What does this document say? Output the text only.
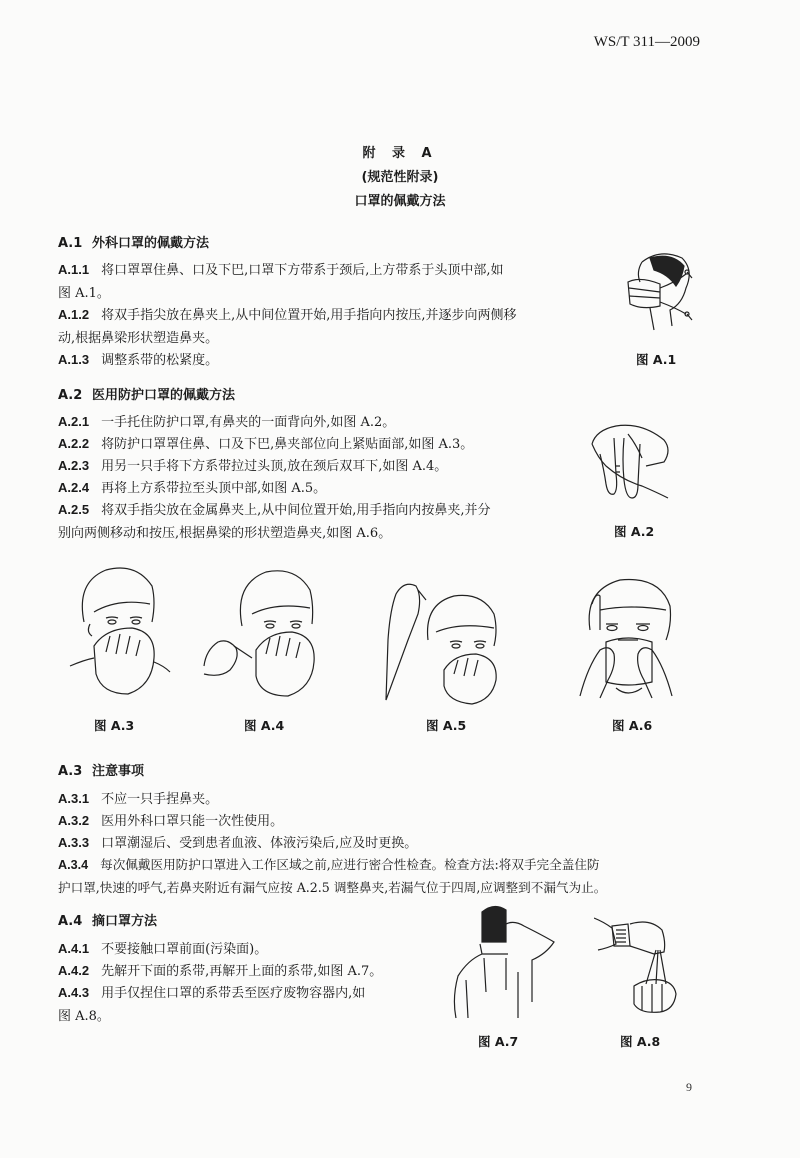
WS/T 311—2009
附 录 A
(规范性附录)
口罩的佩戴方法
A.1 外科口罩的佩戴方法
A.1.1 将口罩罩住鼻、口及下巴,口罩下方带系于颈后,上方带系于头顶中部,如
图 A.1。
A.1.2 将双手指尖放在鼻夹上,从中间位置开始,用手指向内按压,并逐步向两侧移
动,根据鼻梁形状塑造鼻夹。
A.1.3 调整系带的松紧度。	图 A.1
A.2 医用防护口罩的佩戴方法
A.2.1 一手托住防护口罩,有鼻夹的一面背向外,如图 A.2。
A.2.2 将防护口罩罩住鼻、口及下巴,鼻夹部位向上紧贴面部,如图 A.3。
A.2.3 用另一只手将下方系带拉过头顶,放在颈后双耳下,如图 A.4。
A.2.4 再将上方系带拉至头顶中部,如图 A.5。
A.2.5 将双手指尖放在金属鼻夹上,从中间位置开始,用手指向内按鼻夹,并分
别向两侧移动和按压,根据鼻梁的形状塑造鼻夹,如图 A.6。	图 A.2
图 A.3	图 A.4	图 A.5	图 A.6
A.3 注意事项
A.3.1 不应一只手捏鼻夹。
A.3.2 医用外科口罩只能一次性使用。
A.3.3 口罩潮湿后、受到患者血液、体液污染后,应及时更换。
A.3.4 每次佩戴医用防护口罩进入工作区域之前,应进行密合性检查。检查方法:将双手完全盖住防
护口罩,快速的呼气,若鼻夹附近有漏气应按 A.2.5 调整鼻夹,若漏气位于四周,应调整到不漏气为止。
A.4 摘口罩方法
A.4.1 不要接触口罩前面(污染面)。
A.4.2 先解开下面的系带,再解开上面的系带,如图 A.7。
A.4.3 用手仅捏住口罩的系带丢至医疗废物容器内,如
图 A.8。
图 A.7	图 A.8
9
